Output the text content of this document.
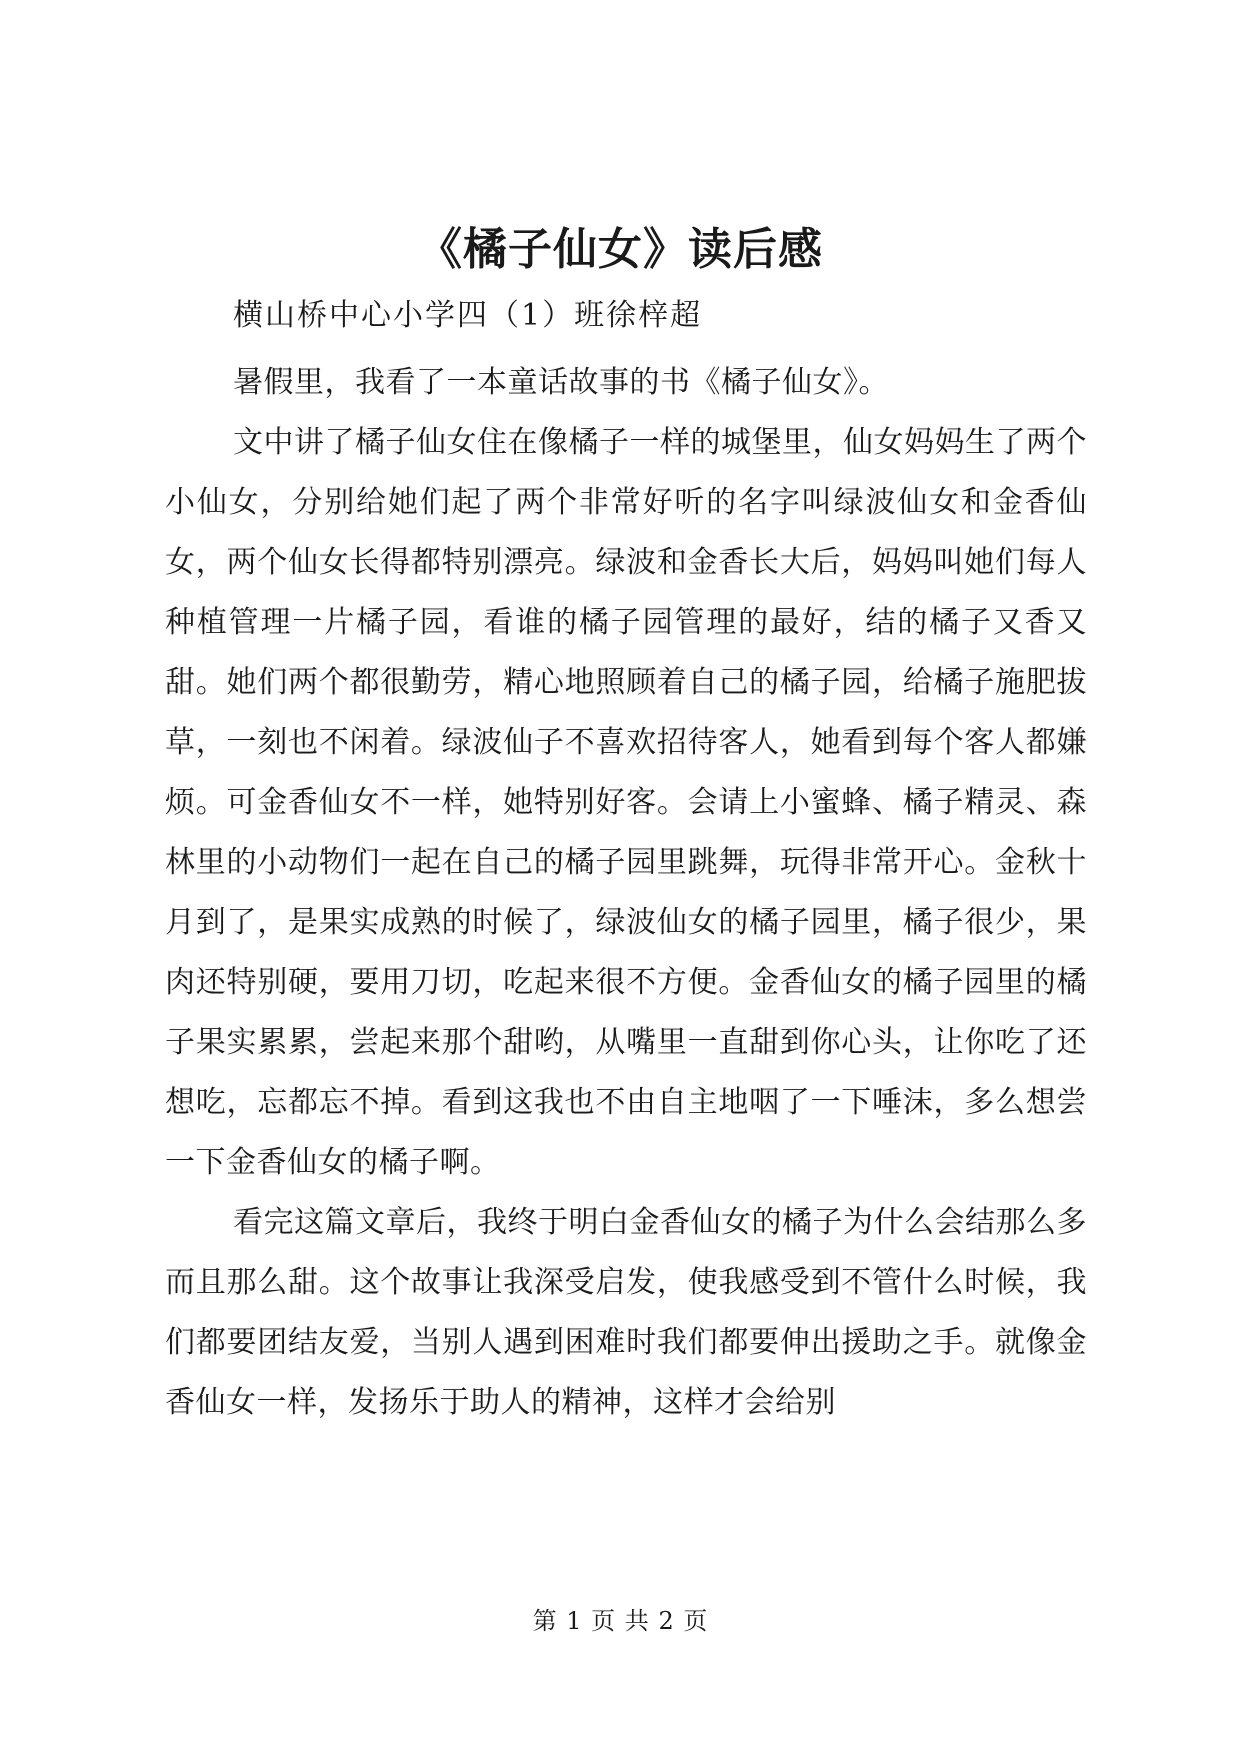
《橘子仙女》读后感
横山桥中心小学四（1）班徐梓超

暑假里，我看了一本童话故事的书《橘子仙女》。

文中讲了橘子仙女住在像橘子一样的城堡里，仙女妈妈生了两个小仙女，分别给她们起了两个非常好听的名字叫绿波仙女和金香仙女，两个仙女长得都特别漂亮。绿波和金香长大后，妈妈叫她们每人种植管理一片橘子园，看谁的橘子园管理的最好，结的橘子又香又甜。她们两个都很勤劳，精心地照顾着自己的橘子园，给橘子施肥拔草，一刻也不闲着。绿波仙子不喜欢招待客人，她看到每个客人都嫌烦。可金香仙女不一样，她特别好客。会请上小蜜蜂、橘子精灵、森林里的小动物们一起在自己的橘子园里跳舞，玩得非常开心。金秋十月到了，是果实成熟的时候了，绿波仙女的橘子园里，橘子很少，果肉还特别硬，要用刀切，吃起来很不方便。金香仙女的橘子园里的橘子果实累累，尝起来那个甜哟，从嘴里一直甜到你心头，让你吃了还想吃，忘都忘不掉。看到这我也不由自主地咽了一下唾沫，多么想尝一下金香仙女的橘子啊。

看完这篇文章后，我终于明白金香仙女的橘子为什么会结那么多而且那么甜。这个故事让我深受启发，使我感受到不管什么时候，我们都要团结友爱，当别人遇到困难时我们都要伸出援助之手。就像金香仙女一样，发扬乐于助人的精神，这样才会给别

第 1 页 共 2 页
